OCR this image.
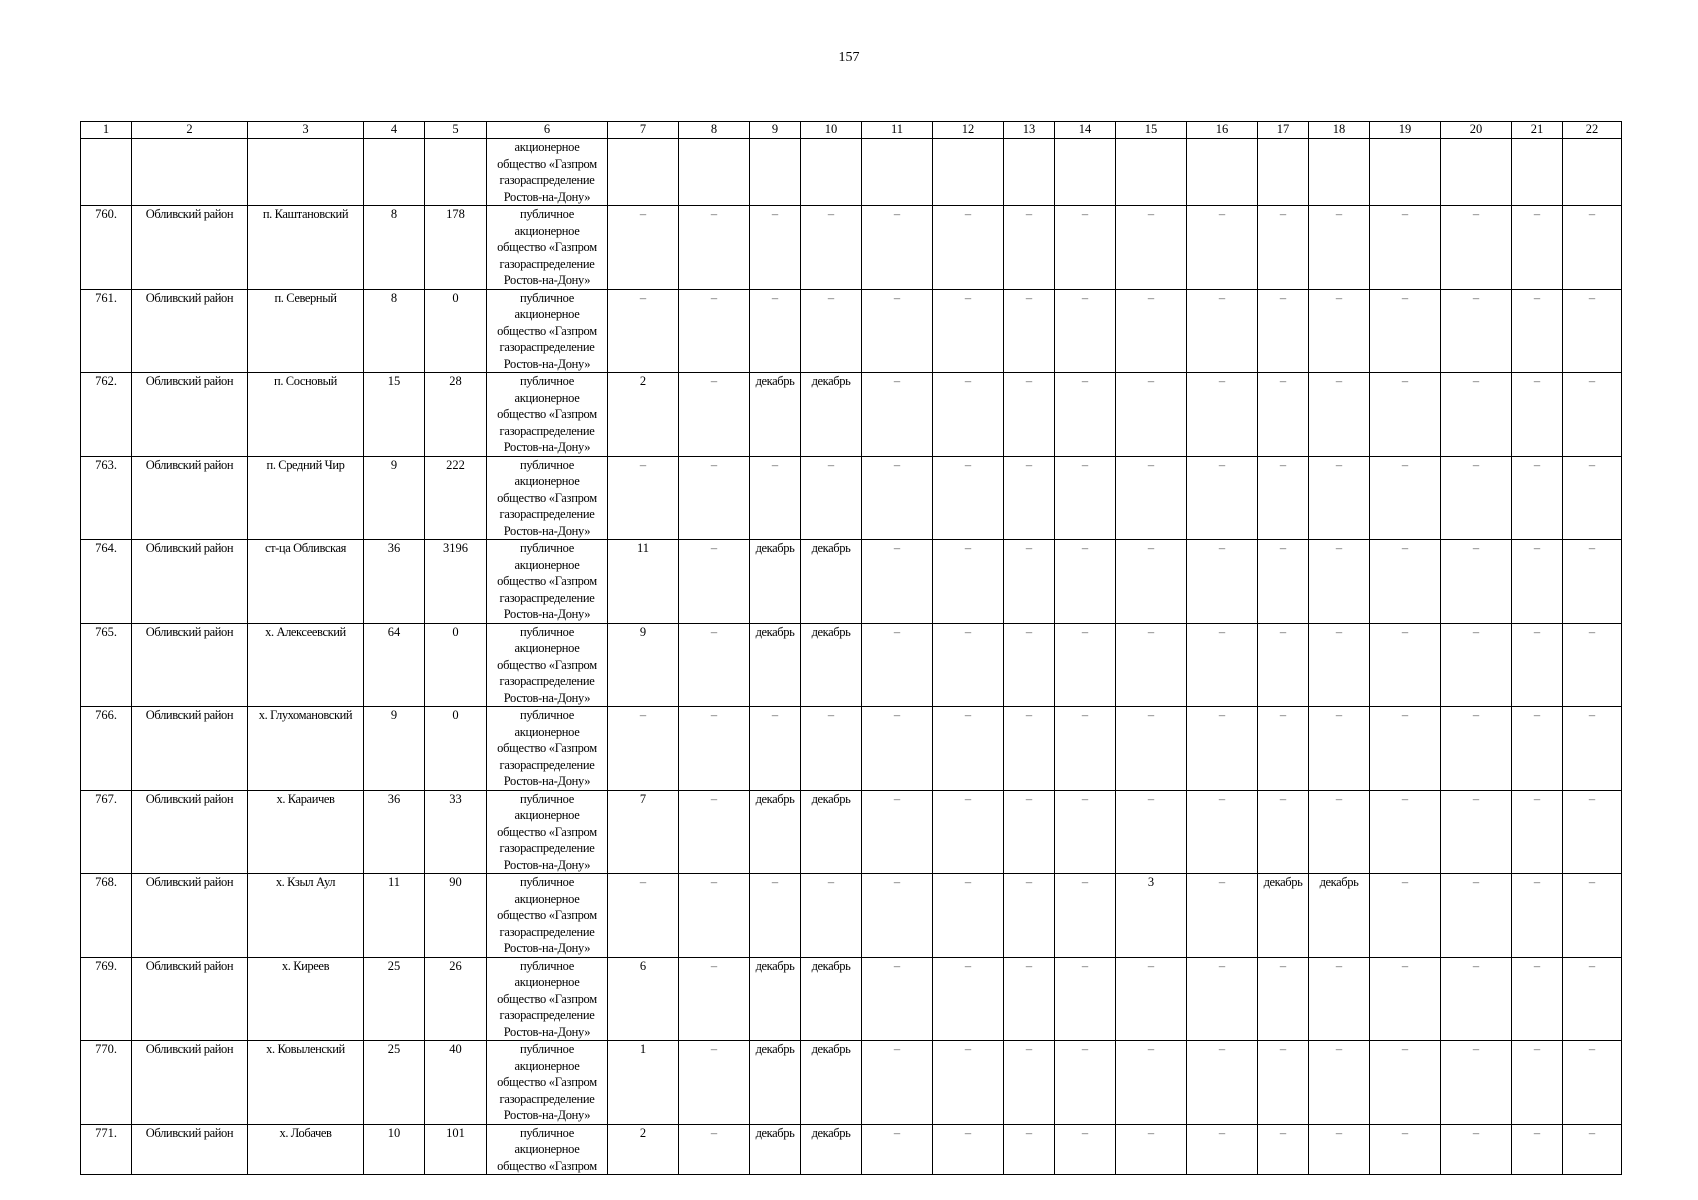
157
1	2	3	4	5	6	7	8	9	10	11	12	13	14	15	16	17	18	19	20	21	22
					акционерное
общество «Газпром
газораспределение
Ростов-на-Дону»																
760.	Обливский район	п. Каштановский	8	178	публичное
акционерное
общество «Газпром
газораспределение
Ростов-на-Дону»	–	–	–	–	–	–	–	–	–	–	–	–	–	–	–	–
761.	Обливский район	п. Северный	8	0	публичное
акционерное
общество «Газпром
газораспределение
Ростов-на-Дону»	–	–	–	–	–	–	–	–	–	–	–	–	–	–	–	–
762.	Обливский район	п. Сосновый	15	28	публичное
акционерное
общество «Газпром
газораспределение
Ростов-на-Дону»	2	–	декабрь	декабрь	–	–	–	–	–	–	–	–	–	–	–	–
763.	Обливский район	п. Средний Чир	9	222	публичное
акционерное
общество «Газпром
газораспределение
Ростов-на-Дону»	–	–	–	–	–	–	–	–	–	–	–	–	–	–	–	–
764.	Обливский район	ст-ца Обливская	36	3196	публичное
акционерное
общество «Газпром
газораспределение
Ростов-на-Дону»	11	–	декабрь	декабрь	–	–	–	–	–	–	–	–	–	–	–	–
765.	Обливский район	х. Алексеевский	64	0	публичное
акционерное
общество «Газпром
газораспределение
Ростов-на-Дону»	9	–	декабрь	декабрь	–	–	–	–	–	–	–	–	–	–	–	–
766.	Обливский район	х. Глухомановский	9	0	публичное
акционерное
общество «Газпром
газораспределение
Ростов-на-Дону»	–	–	–	–	–	–	–	–	–	–	–	–	–	–	–	–
767.	Обливский район	х. Караичев	36	33	публичное
акционерное
общество «Газпром
газораспределение
Ростов-на-Дону»	7	–	декабрь	декабрь	–	–	–	–	–	–	–	–	–	–	–	–
768.	Обливский район	х. Кзыл Аул	11	90	публичное
акционерное
общество «Газпром
газораспределение
Ростов-на-Дону»	–	–	–	–	–	–	–	–	3	–	декабрь	декабрь	–	–	–	–
769.	Обливский район	х. Киреев	25	26	публичное
акционерное
общество «Газпром
газораспределение
Ростов-на-Дону»	6	–	декабрь	декабрь	–	–	–	–	–	–	–	–	–	–	–	–
770.	Обливский район	х. Ковыленский	25	40	публичное
акционерное
общество «Газпром
газораспределение
Ростов-на-Дону»	1	–	декабрь	декабрь	–	–	–	–	–	–	–	–	–	–	–	–
771.	Обливский район	х. Лобачев	10	101	публичное
акционерное
общество «Газпром	2	–	декабрь	декабрь	–	–	–	–	–	–	–	–	–	–	–	–
